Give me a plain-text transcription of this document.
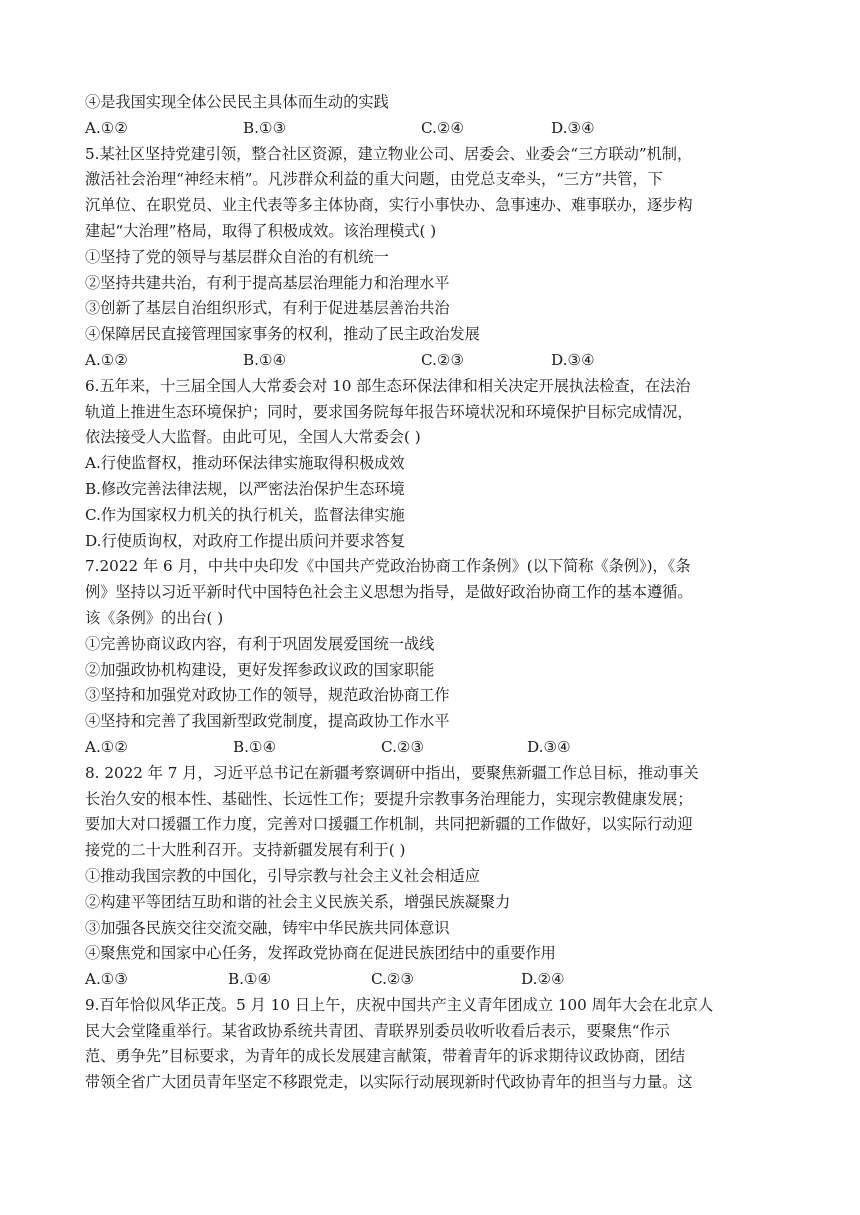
④是我国实现全体公民民主具体而生动的实践
A.①②	B.①③	C.②④	D.③④
5.某社区坚持党建引领，整合社区资源，建立物业公司、居委会、业委会“三方联动”机制，
激活社会治理“神经末梢”。凡涉群众利益的重大问题，由党总支牵头，“三方”共管，下
沉单位、在职党员、业主代表等多主体协商，实行小事快办、急事速办、难事联办，逐步构
建起“大治理”格局，取得了积极成效。该治理模式( )
①坚持了党的领导与基层群众自治的有机统一
②坚持共建共治，有利于提高基层治理能力和治理水平
③创新了基层自治组织形式，有利于促进基层善治共治
④保障居民直接管理国家事务的权利，推动了民主政治发展
A.①②	B.①④	C.②③	D.③④
6.五年来，十三届全国人大常委会对 10 部生态环保法律和相关决定开展执法检查，在法治
轨道上推进生态环境保护；同时，要求国务院每年报告环境状况和环境保护目标完成情况，
依法接受人大监督。由此可见，全国人大常委会( )
A.行使监督权，推动环保法律实施取得积极成效
B.修改完善法律法规，以严密法治保护生态环境
C.作为国家权力机关的执行机关，监督法律实施
D.行使质询权，对政府工作提出质问并要求答复
7.2022 年 6 月，中共中央印发《中国共产党政治协商工作条例》(以下简称《条例》)，《条
例》坚持以习近平新时代中国特色社会主义思想为指导，是做好政治协商工作的基本遵循。
该《条例》的出台( )
①完善协商议政内容，有利于巩固发展爱国统一战线
②加强政协机构建设，更好发挥参政议政的国家职能
③坚持和加强党对政协工作的领导，规范政治协商工作
④坚持和完善了我国新型政党制度，提高政协工作水平
A.①②	B.①④	C.②③	D.③④
8. 2022 年 7 月，习近平总书记在新疆考察调研中指出，要聚焦新疆工作总目标，推动事关
长治久安的根本性、基础性、长远性工作；要提升宗教事务治理能力，实现宗教健康发展；
要加大对口援疆工作力度，完善对口援疆工作机制，共同把新疆的工作做好，以实际行动迎
接党的二十大胜利召开。支持新疆发展有利于( )
①推动我国宗教的中国化，引导宗教与社会主义社会相适应
②构建平等团结互助和谐的社会主义民族关系，增强民族凝聚力
③加强各民族交往交流交融，铸牢中华民族共同体意识
④聚焦党和国家中心任务，发挥政党协商在促进民族团结中的重要作用
A.①③	B.①④	C.②③	D.②④
9.百年恰似风华正茂。5 月 10 日上午，庆祝中国共产主义青年团成立 100 周年大会在北京人
民大会堂隆重举行。某省政协系统共青团、青联界别委员收听收看后表示，要聚焦“作示
范、勇争先”目标要求，为青年的成长发展建言献策，带着青年的诉求期待议政协商，团结
带领全省广大团员青年坚定不移跟党走，以实际行动展现新时代政协青年的担当与力量。这
